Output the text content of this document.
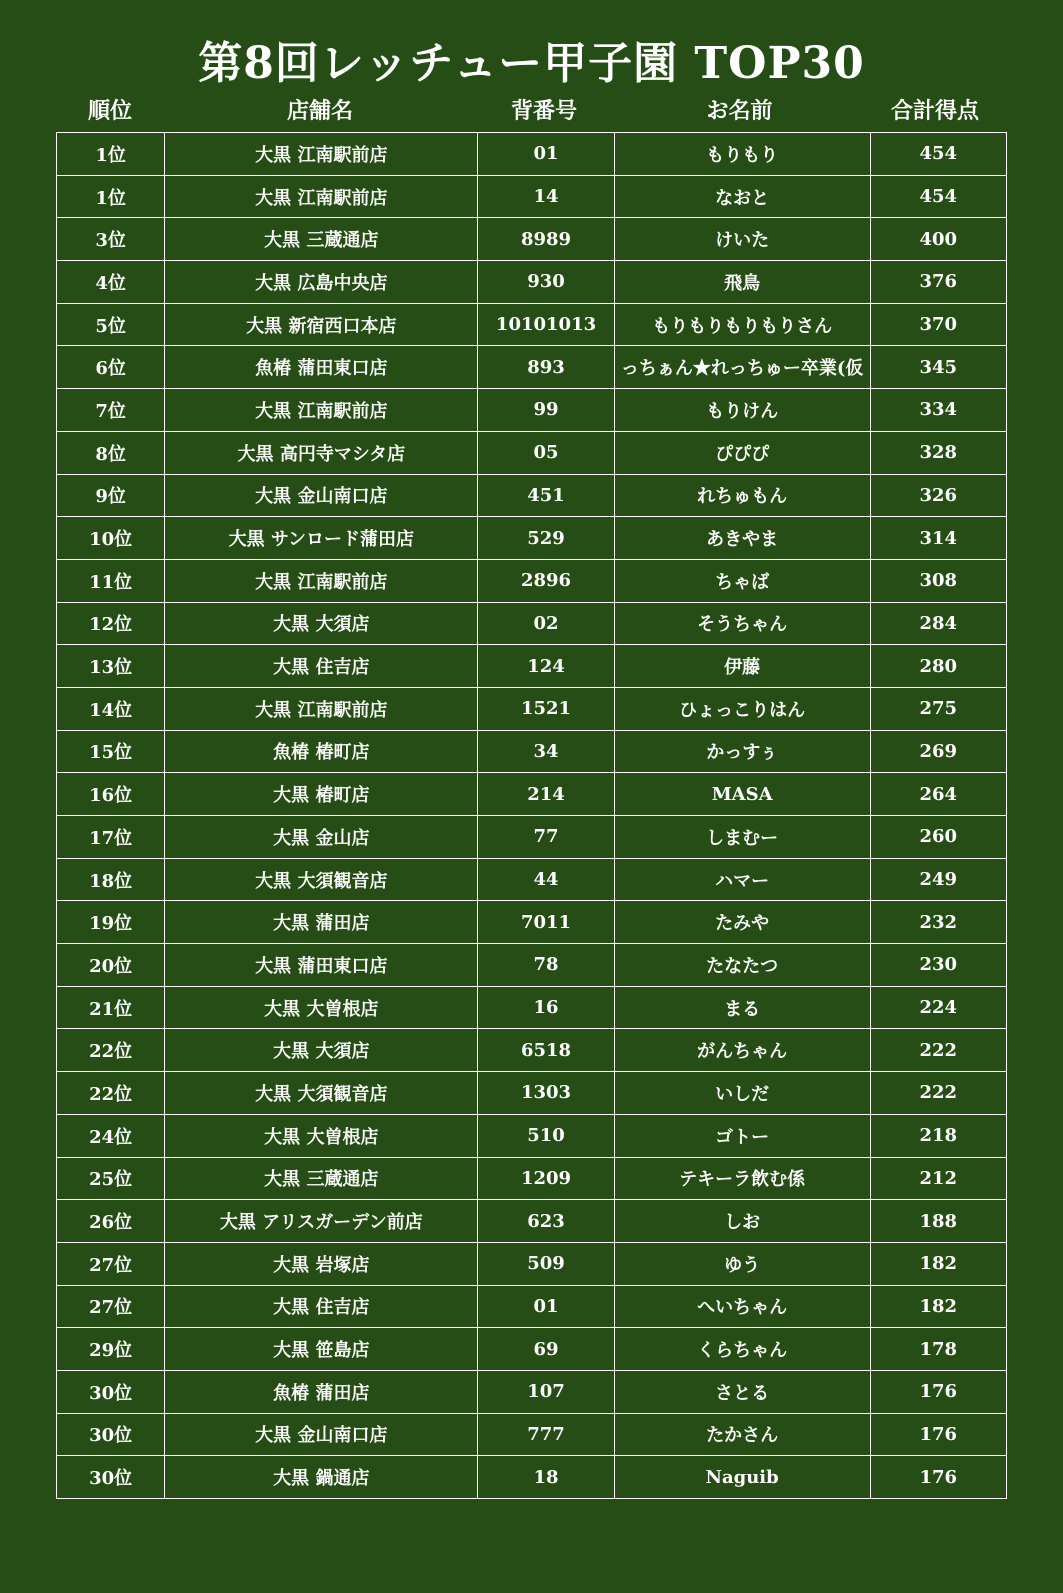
第8回レッチュー甲子園 TOP30
順位	店舗名	背番号	お名前	合計得点
1位	大黒 江南駅前店	01	もりもり	454
1位	大黒 江南駅前店	14	なおと	454
3位	大黒 三蔵通店	8989	けいた	400
4位	大黒 広島中央店	930	飛鳥	376
5位	大黒 新宿西口本店	10101013	もりもりもりもりさん	370
6位	魚椿 蒲田東口店	893	っちぁん★れっちゅー卒業(仮	345
7位	大黒 江南駅前店	99	もりけん	334
8位	大黒 高円寺マシタ店	05	ぴぴぴ	328
9位	大黒 金山南口店	451	れちゅもん	326
10位	大黒 サンロード蒲田店	529	あきやま	314
11位	大黒 江南駅前店	2896	ちゃば	308
12位	大黒 大須店	02	そうちゃん	284
13位	大黒 住吉店	124	伊藤	280
14位	大黒 江南駅前店	1521	ひょっこりはん	275
15位	魚椿 椿町店	34	かっすぅ	269
16位	大黒 椿町店	214	MASA	264
17位	大黒 金山店	77	しまむー	260
18位	大黒 大須観音店	44	ハマー	249
19位	大黒 蒲田店	7011	たみや	232
20位	大黒 蒲田東口店	78	たなたつ	230
21位	大黒 大曽根店	16	まる	224
22位	大黒 大須店	6518	がんちゃん	222
22位	大黒 大須観音店	1303	いしだ	222
24位	大黒 大曽根店	510	ゴトー	218
25位	大黒 三蔵通店	1209	テキーラ飲む係	212
26位	大黒 アリスガーデン前店	623	しお	188
27位	大黒 岩塚店	509	ゆう	182
27位	大黒 住吉店	01	へいちゃん	182
29位	大黒 笹島店	69	くらちゃん	178
30位	魚椿 蒲田店	107	さとる	176
30位	大黒 金山南口店	777	たかさん	176
30位	大黒 鍋通店	18	Naguib	176
